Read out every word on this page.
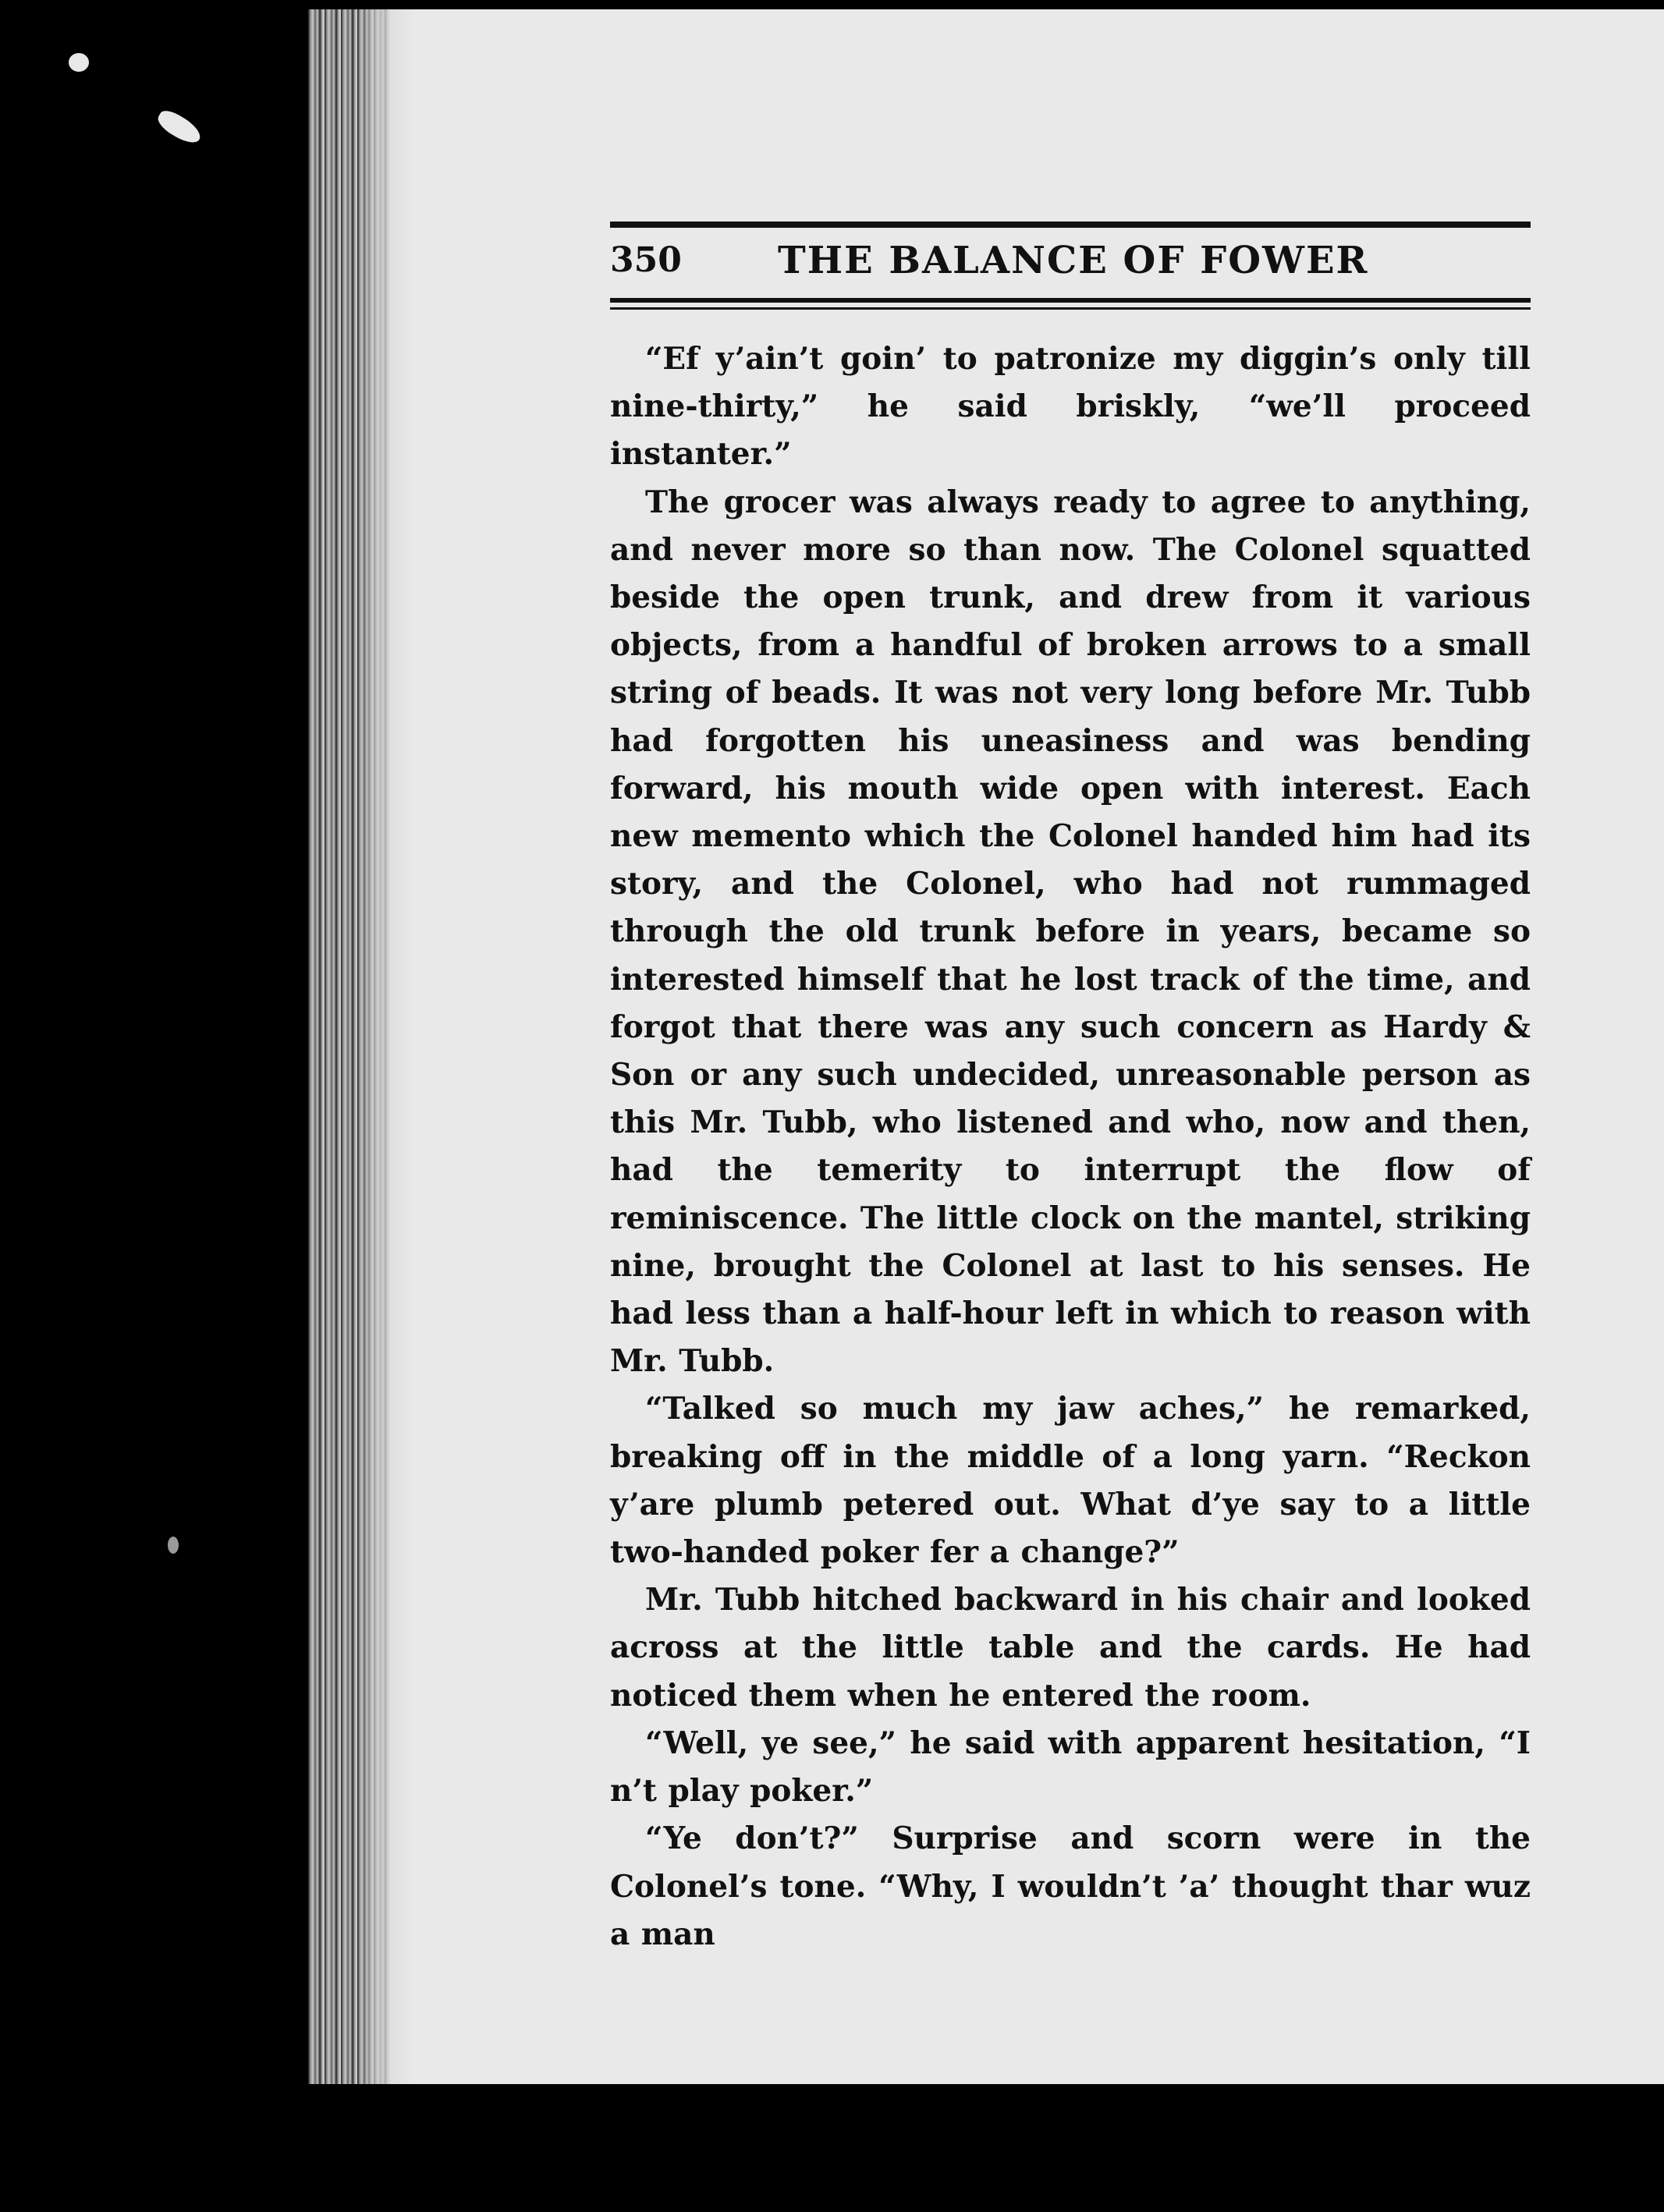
350	THE BALANCE OF FOWER

“Ef y’ain’t goin’ to patronize my diggin’s only till nine-thirty,” he said briskly, “we’ll proceed instanter.”

The grocer was always ready to agree to anything, and never more so than now. The Colonel squatted beside the open trunk, and drew from it various objects, from a handful of broken arrows to a small string of beads. It was not very long before Mr. Tubb had forgotten his uneasiness and was bending forward, his mouth wide open with interest. Each new memento which the Colonel handed him had its story, and the Colonel, who had not rummaged through the old trunk before in years, became so interested himself that he lost track of the time, and forgot that there was any such concern as Hardy & Son or any such undecided, unreasonable person as this Mr. Tubb, who listened and who, now and then, had the temerity to interrupt the flow of reminiscence. The little clock on the mantel, striking nine, brought the Colonel at last to his senses. He had less than a half-hour left in which to reason with Mr. Tubb.

“Talked so much my jaw aches,” he remarked, breaking off in the middle of a long yarn. “Reckon y’are plumb petered out. What d’ye say to a little two-handed poker fer a change?”

Mr. Tubb hitched backward in his chair and looked across at the little table and the cards. He had noticed them when he entered the room.

“Well, ye see,” he said with apparent hesitation, “I n’t play poker.”

“Ye don’t?” Surprise and scorn were in the Colonel’s tone. “Why, I wouldn’t ’a’ thought thar wuz a man
